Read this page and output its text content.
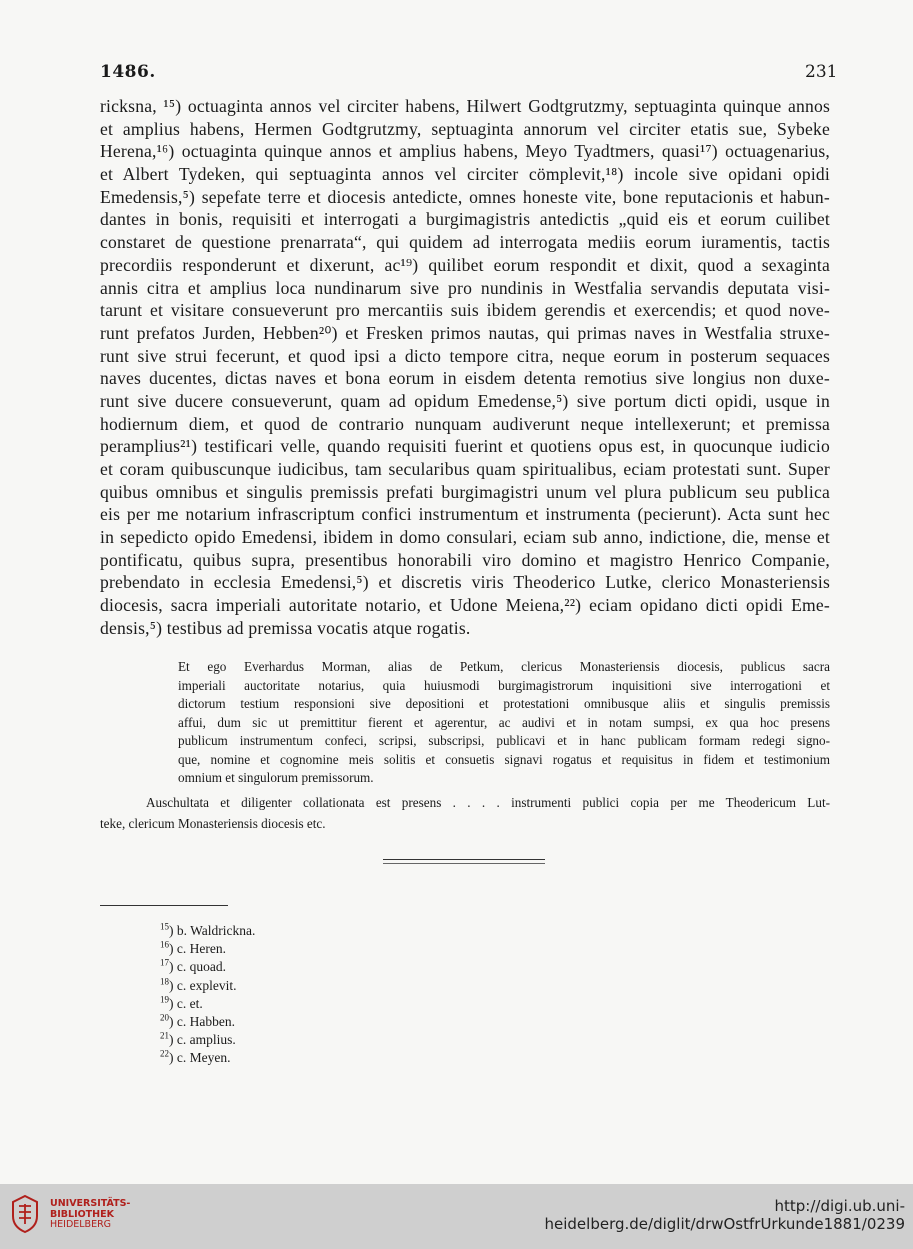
1486.	231
ricksna, ¹⁵) octuaginta annos vel circiter habens, Hilwert Godtgrutzmy, septuaginta quinque annos
et amplius habens, Hermen Godtgrutzmy, septuaginta annorum vel circiter etatis sue, Sybeke
Herena,¹⁶) octuaginta quinque annos et amplius habens, Meyo Tyadtmers, quasi¹⁷) octuagenarius,
et Albert Tydeken, qui septuaginta annos vel circiter cömplevit,¹⁸) incole sive opidani opidi
Emedensis,⁵) sepefate terre et diocesis antedicte, omnes honeste vite, bone reputacionis et habun-
dantes in bonis, requisiti et interrogati a burgimagistris antedictis „quid eis et eorum cuilibet
constaret de questione prenarrata“, qui quidem ad interrogata mediis eorum iuramentis, tactis
precordiis responderunt et dixerunt, ac¹⁹) quilibet eorum respondit et dixit, quod a sexaginta
annis citra et amplius loca nundinarum sive pro nundinis in Westfalia servandis deputata visi-
tarunt et visitare consueverunt pro mercantiis suis ibidem gerendis et exercendis; et quod nove-
runt prefatos Jurden, Hebben²⁰) et Fresken primos nautas, qui primas naves in Westfalia struxe-
runt sive strui fecerunt, et quod ipsi a dicto tempore citra, neque eorum in posterum sequaces
naves ducentes, dictas naves et bona eorum in eisdem detenta remotius sive longius non duxe-
runt sive ducere consueverunt, quam ad opidum Emedense,⁵) sive portum dicti opidi, usque in
hodiernum diem, et quod de contrario nunquam audiverunt neque intellexerunt; et premissa
peramplius²¹) testificari velle, quando requisiti fuerint et quotiens opus est, in quocunque iudicio
et coram quibuscunque iudicibus, tam secularibus quam spiritualibus, eciam protestati sunt. Super
quibus omnibus et singulis premissis prefati burgimagistri unum vel plura publicum seu publica
eis per me notarium infrascriptum confici instrumentum et instrumenta (pecierunt). Acta sunt hec
in sepedicto opido Emedensi, ibidem in domo consulari, eciam sub anno, indictione, die, mense et
pontificatu, quibus supra, presentibus honorabili viro domino et magistro Henrico Companie,
prebendato in ecclesia Emedensi,⁵) et discretis viris Theoderico Lutke, clerico Monasteriensis
diocesis, sacra imperiali autoritate notario, et Udone Meiena,²²) eciam opidano dicti opidi Eme-
densis,⁵) testibus ad premissa vocatis atque rogatis.
Et ego Everhardus Morman, alias de Petkum, clericus Monasteriensis diocesis, publicus sacra
imperiali auctoritate notarius, quia huiusmodi burgimagistrorum inquisitioni sive interrogationi et
dictorum testium responsioni sive depositioni et protestationi omnibusque aliis et singulis premissis
affui, dum sic ut premittitur fierent et agerentur, ac audivi et in notam sumpsi, ex qua hoc presens
publicum instrumentum confeci, scripsi, subscripsi, publicavi et in hanc publicam formam redegi signo-
que, nomine et cognomine meis solitis et consuetis signavi rogatus et requisitus in fidem et testimonium
omnium et singulorum premissorum.
Auschultata et diligenter collationata est presens . . . . instrumenti publici copia per me Theodericum Lut-
teke, clericum Monasteriensis diocesis etc.
$^{15}$) b. Waldrickna.
$^{16}$) c. Heren.
$^{17}$) c. quoad.
$^{18}$) c. explevit.
$^{19}$) c. et.
$^{20}$) c. Habben.
$^{21}$) c. amplius.
$^{22}$) c. Meyen.
UNIVERSITÄTS-
BIBLIOTHEK
HEIDELBERG
http://digi.ub.uni-heidelberg.de/diglit/drwOstfrUrkunde1881/0239
